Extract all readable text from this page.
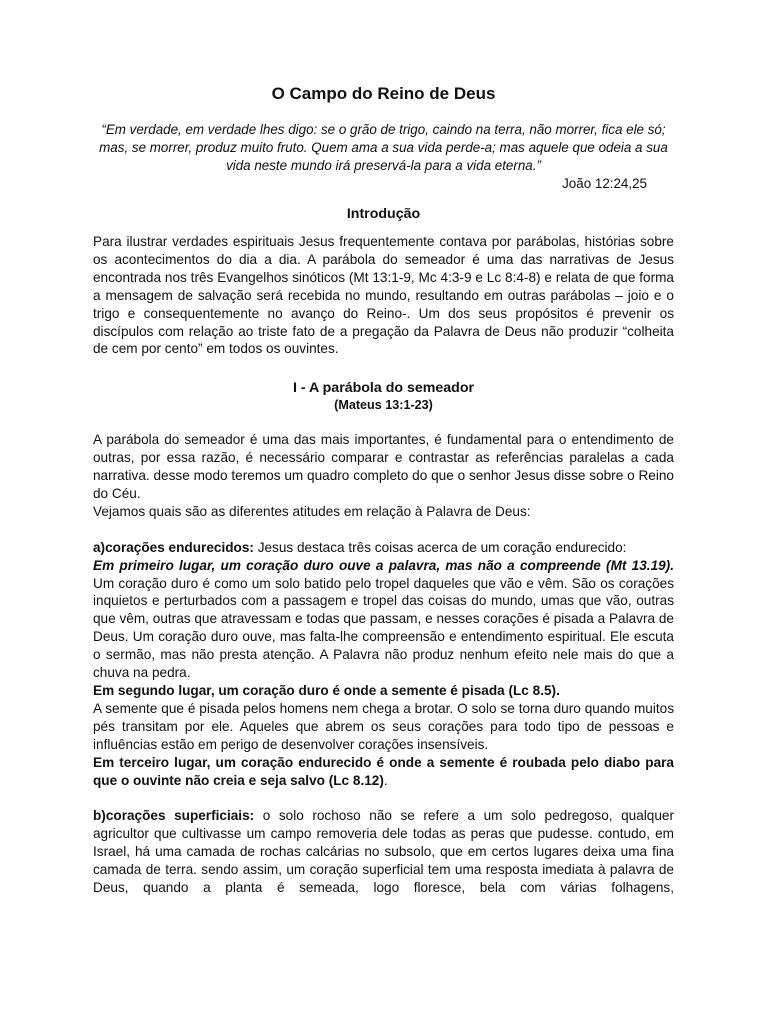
O Campo do Reino de Deus

“Em verdade, em verdade lhes digo: se o grão de trigo, caindo na terra, não morrer, fica ele só; mas, se morrer, produz muito fruto. Quem ama a sua vida perde-a; mas aquele que odeia a sua vida neste mundo irá preservá-la para a vida eterna.”

João 12:24,25

Introdução

Para ilustrar verdades espirituais Jesus frequentemente contava por parábolas, histórias sobre os acontecimentos do dia a dia. A parábola do semeador é uma das narrativas de Jesus encontrada nos três Evangelhos sinóticos (Mt 13:1-9, Mc 4:3-9 e Lc 8:4-8) e relata de que forma a mensagem de salvação será recebida no mundo, resultando em outras parábolas – joio e o trigo e consequentemente no avanço do Reino-. Um dos seus propósitos é prevenir os discípulos com relação ao triste fato de a pregação da Palavra de Deus não produzir “colheita de cem por cento” em todos os ouvintes.

I - A parábola do semeador
(Mateus 13:1-23)

A parábola do semeador é uma das mais importantes, é fundamental para o entendimento de outras, por essa razão, é necessário comparar e contrastar as referências paralelas a cada narrativa. desse modo teremos um quadro completo do que o senhor Jesus disse sobre o Reino do Céu.

Vejamos quais são as diferentes atitudes em relação à Palavra de Deus:

a)corações endurecidos: Jesus destaca três coisas acerca de um coração endurecido:

Em primeiro lugar, um coração duro ouve a palavra, mas não a compreende (Mt 13.19). Um coração duro é como um solo batido pelo tropel daqueles que vão e vêm. São os corações inquietos e perturbados com a passagem e tropel das coisas do mundo, umas que vão, outras que vêm, outras que atravessam e todas que passam, e nesses corações é pisada a Palavra de Deus. Um coração duro ouve, mas falta-lhe compreensão e entendimento espiritual. Ele escuta o sermão, mas não presta atenção. A Palavra não produz nenhum efeito nele mais do que a chuva na pedra.

Em segundo lugar, um coração duro é onde a semente é pisada (Lc 8.5).

A semente que é pisada pelos homens nem chega a brotar. O solo se torna duro quando muitos pés transitam por ele. Aqueles que abrem os seus corações para todo tipo de pessoas e influências estão em perigo de desenvolver corações insensíveis.

Em terceiro lugar, um coração endurecido é onde a semente é roubada pelo diabo para que o ouvinte não creia e seja salvo (Lc 8.12).

b)corações superficiais: o solo rochoso não se refere a um solo pedregoso, qualquer agricultor que cultivasse um campo removeria dele todas as peras que pudesse. contudo, em Israel, há uma camada de rochas calcárias no subsolo, que em certos lugares deixa uma fina camada de terra. sendo assim, um coração superficial tem uma resposta imediata à palavra de Deus, quando a planta é semeada, logo floresce, bela com várias folhagens,
